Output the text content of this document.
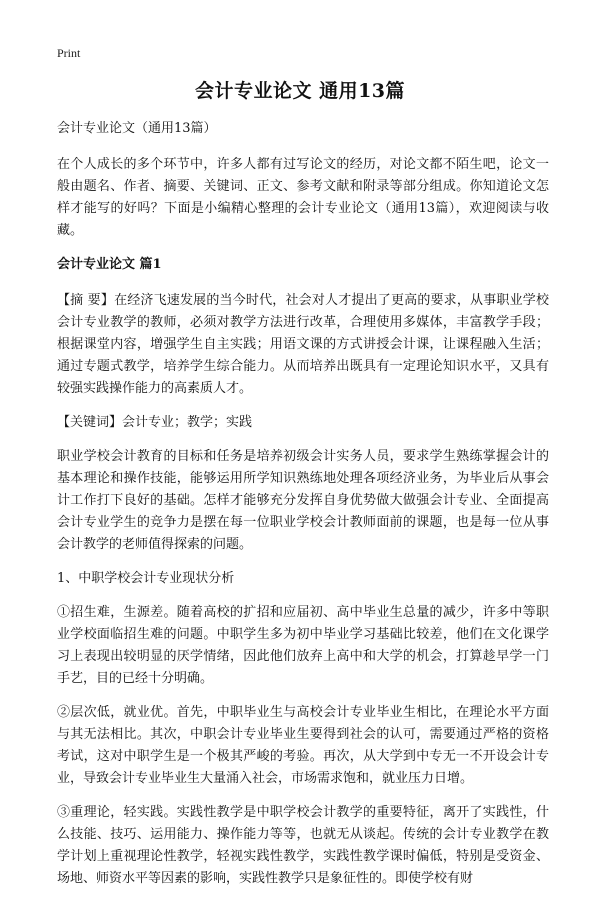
Print
会计专业论文 通用13篇
会计专业论文（通用13篇）
在个人成长的多个环节中，许多人都有过写论文的经历，对论文都不陌生吧，论文一般由题名、作者、摘要、关键词、正文、参考文献和附录等部分组成。你知道论文怎样才能写的好吗？下面是小编精心整理的会计专业论文（通用13篇），欢迎阅读与收藏。
会计专业论文 篇1
【摘 要】在经济飞速发展的当今时代，社会对人才提出了更高的要求，从事职业学校会计专业教学的教师，必须对教学方法进行改革，合理使用多媒体，丰富教学手段；根据课堂内容，增强学生自主实践；用语文课的方式讲授会计课，让课程融入生活；通过专题式教学，培养学生综合能力。从而培养出既具有一定理论知识水平，又具有较强实践操作能力的高素质人才。
【关键词】会计专业；教学；实践
职业学校会计教育的目标和任务是培养初级会计实务人员，要求学生熟练掌握会计的基本理论和操作技能，能够运用所学知识熟练地处理各项经济业务，为毕业后从事会计工作打下良好的基础。怎样才能够充分发挥自身优势做大做强会计专业、全面提高会计专业学生的竞争力是摆在每一位职业学校会计教师面前的课题，也是每一位从事会计教学的老师值得探索的问题。
1、中职学校会计专业现状分析
①招生难，生源差。随着高校的扩招和应届初、高中毕业生总量的减少，许多中等职业学校面临招生难的问题。中职学生多为初中毕业学习基础比较差，他们在文化课学习上表现出较明显的厌学情绪，因此他们放弃上高中和大学的机会，打算趁早学一门手艺，目的已经十分明确。
②层次低，就业优。首先，中职毕业生与高校会计专业毕业生相比，在理论水平方面与其无法相比。其次，中职会计专业毕业生要得到社会的认可，需要通过严格的资格考试，这对中职学生是一个极其严峻的考验。再次，从大学到中专无一不开设会计专业，导致会计专业毕业生大量涌入社会，市场需求饱和，就业压力日增。
③重理论，轻实践。实践性教学是中职学校会计教学的重要特征，离开了实践性，什么技能、技巧、运用能力、操作能力等等，也就无从谈起。传统的会计专业教学在教学计划上重视理论性教学，轻视实践性教学，实践性教学课时偏低，特别是受资金、场地、师资水平等因素的影响，实践性教学只是象征性的。即使学校有财
